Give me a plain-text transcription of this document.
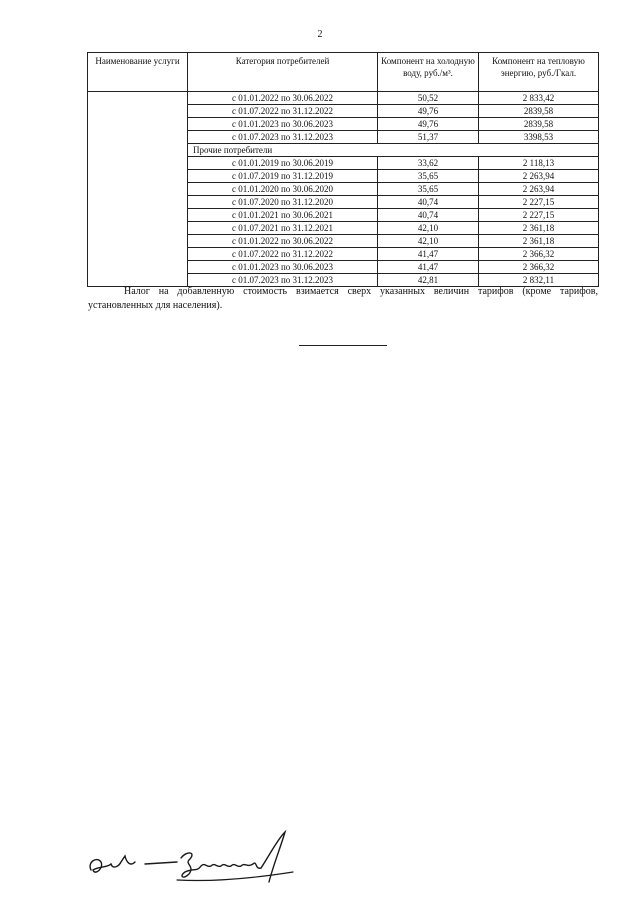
2
Наименование услуги	Категория потребителей	Компонент на холодную воду, руб./м³.	Компонент на тепловую энергию, руб./Гкал.
	с 01.01.2022 по 30.06.2022	50,52	2 833,42
	с 01.07.2022 по 31.12.2022	49,76	2839,58
	с 01.01.2023 по 30.06.2023	49,76	2839,58
	с 01.07.2023 по 31.12.2023	51,37	3398,53
	Прочие потребители		
	с 01.01.2019 по 30.06.2019	33,62	2 118,13
	с 01.07.2019 по 31.12.2019	35,65	2 263,94
	с 01.01.2020 по 30.06.2020	35,65	2 263,94
	с 01.07.2020 по 31.12.2020	40,74	2 227,15
	с 01.01.2021 по 30.06.2021	40,74	2 227,15
	с 01.07.2021 по 31.12.2021	42,10	2 361,18
	с 01.01.2022 по 30.06.2022	42,10	2 361,18
	с 01.07.2022 по 31.12.2022	41,47	2 366,32
	с 01.01.2023 по 30.06.2023	41,47	2 366,32
	с 01.07.2023 по 31.12.2023	42,81	2 832,11

Налог на добавленную стоимость взимается сверх указанных величин тарифов (кроме тарифов, установленных для населения).
